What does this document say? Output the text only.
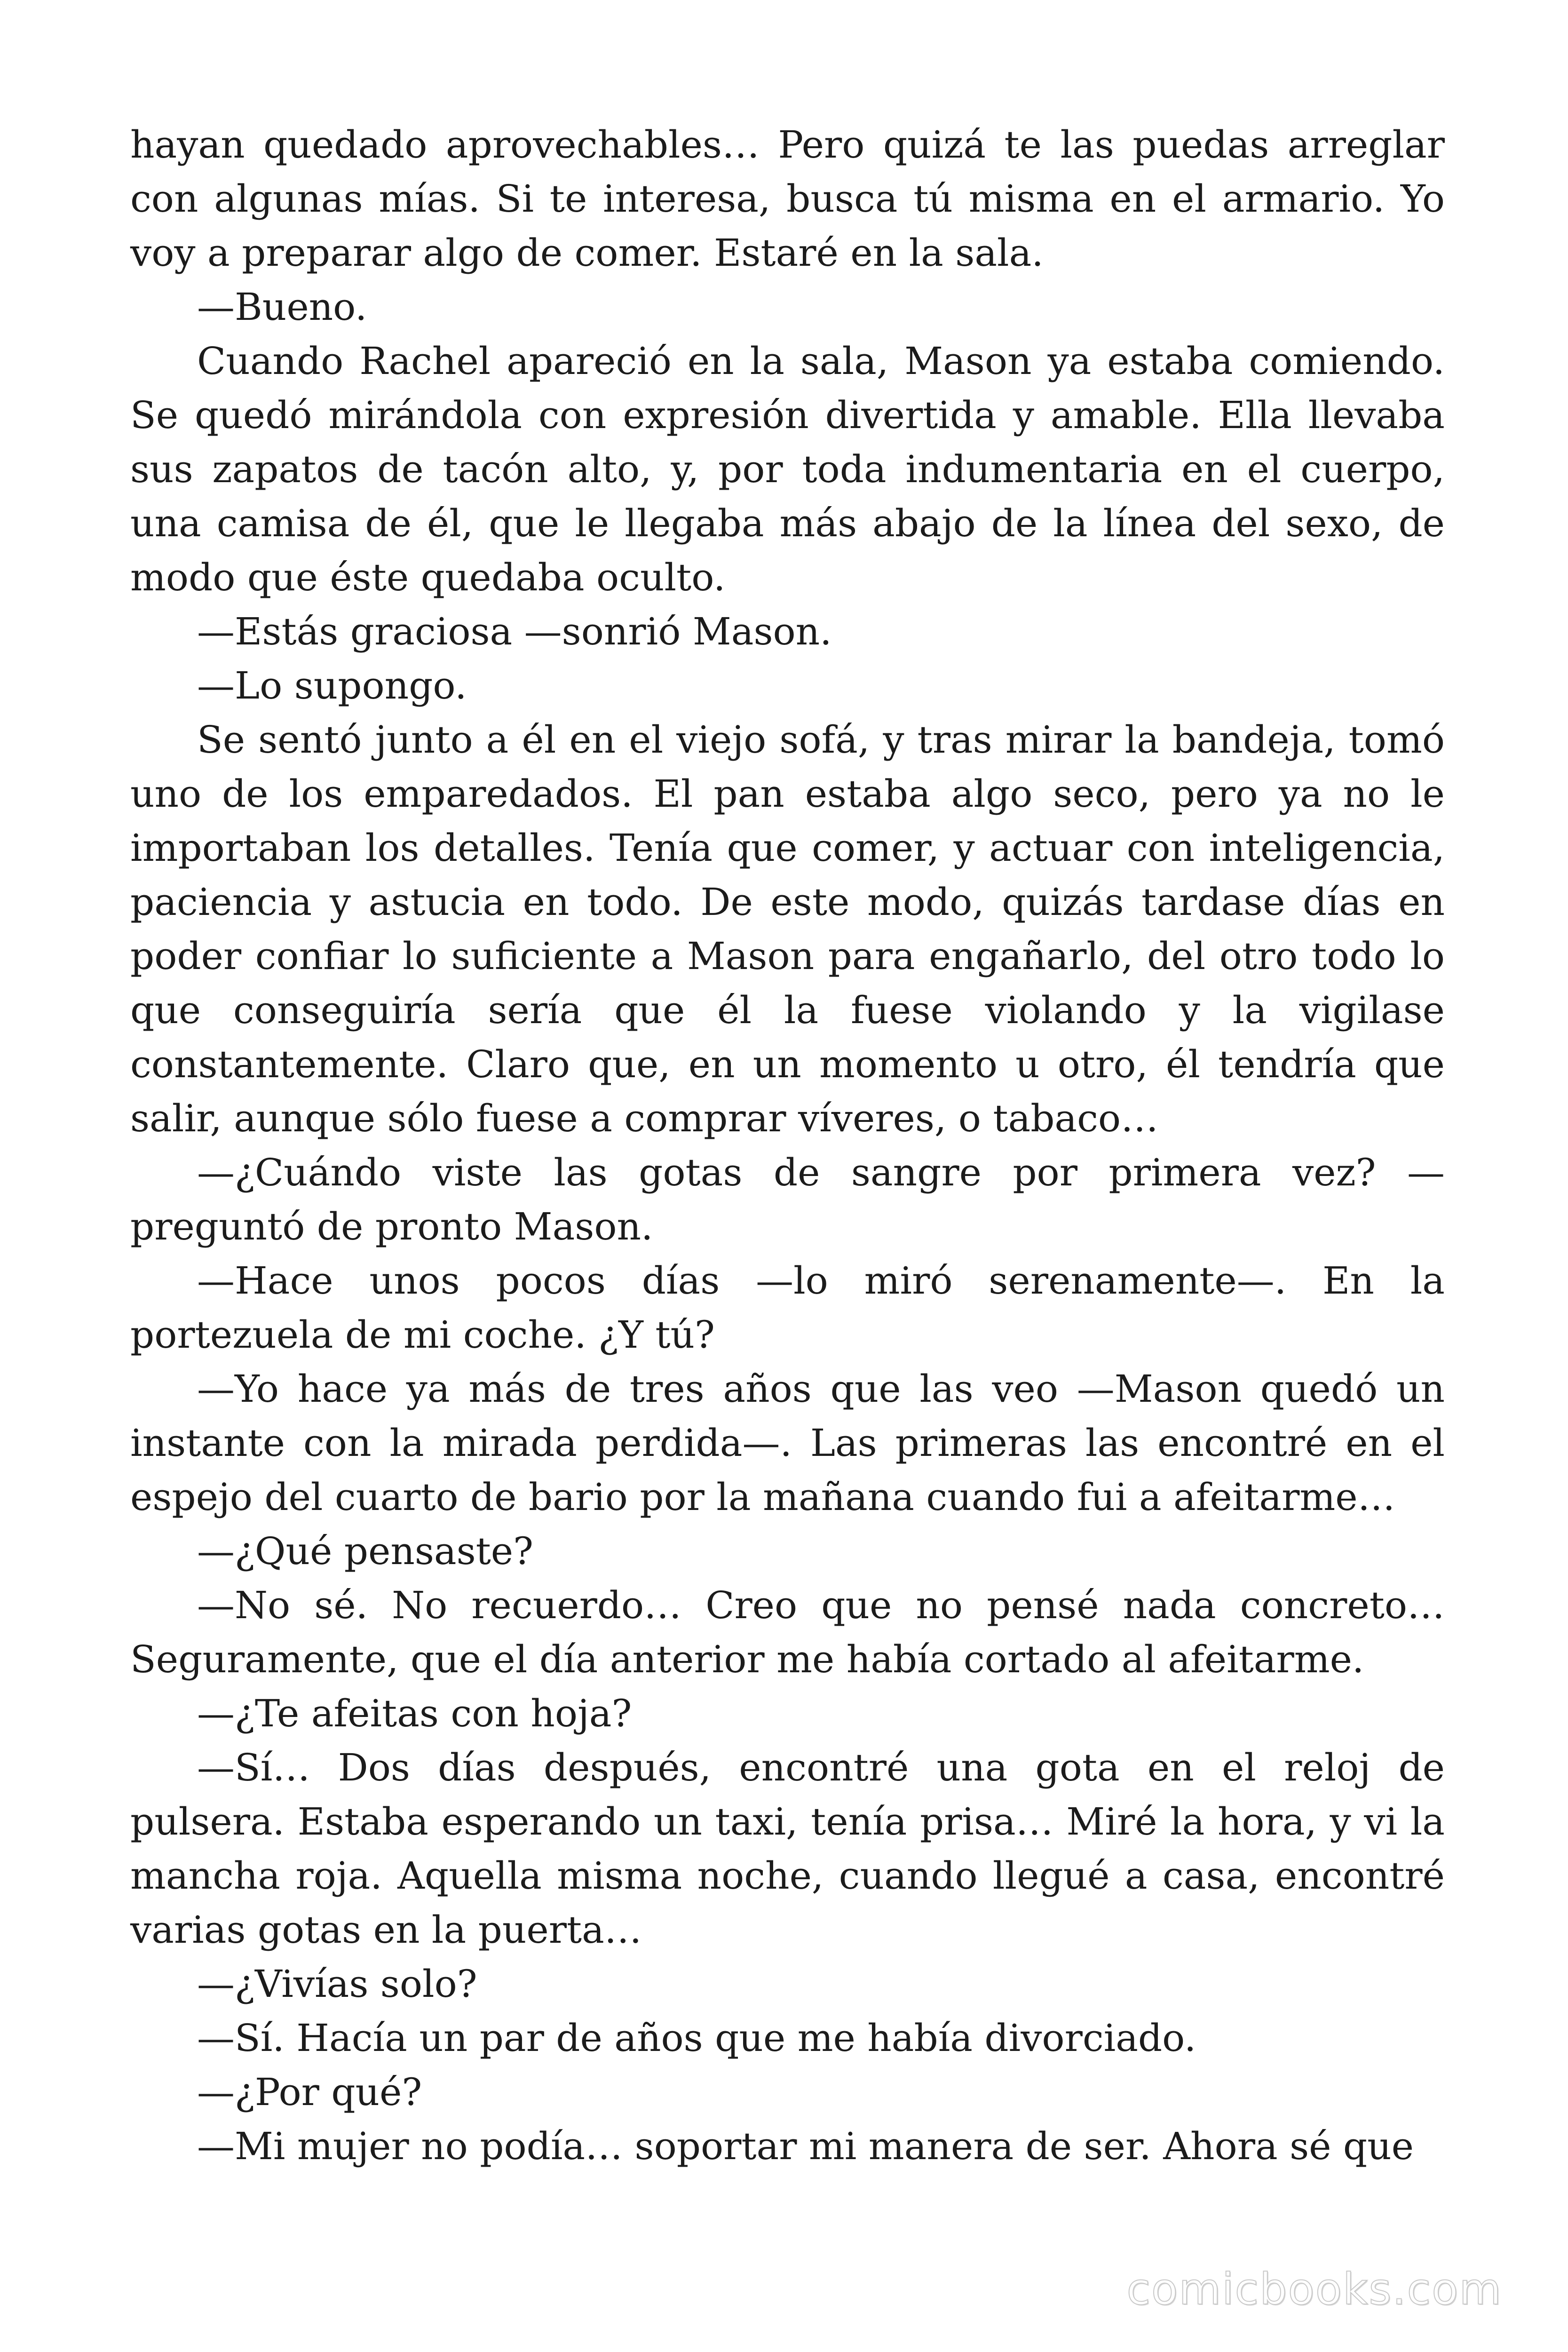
hayan quedado aprovechables… Pero quizá te las puedas arreglar con algunas mías. Si te interesa, busca tú misma en el armario. Yo voy a preparar algo de comer. Estaré en la sala.

—Bueno.

Cuando Rachel apareció en la sala, Mason ya estaba comiendo. Se quedó mirándola con expresión divertida y amable. Ella llevaba sus zapatos de tacón alto, y, por toda indumentaria en el cuerpo, una camisa de él, que le llegaba más abajo de la línea del sexo, de modo que éste quedaba oculto.

—Estás graciosa —sonrió Mason.

—Lo supongo.

Se sentó junto a él en el viejo sofá, y tras mirar la bandeja, tomó uno de los emparedados. El pan estaba algo seco, pero ya no le importaban los detalles. Tenía que comer, y actuar con inteligencia, paciencia y astucia en todo. De este modo, quizás tardase días en poder confiar lo suficiente a Mason para engañarlo, del otro todo lo que conseguiría sería que él la fuese violando y la vigilase constantemente. Claro que, en un momento u otro, él tendría que salir, aunque sólo fuese a comprar víveres, o tabaco…

—¿Cuándo viste las gotas de sangre por primera vez? —preguntó de pronto Mason.

—Hace unos pocos días —lo miró serenamente—. En la portezuela de mi coche. ¿Y tú?

—Yo hace ya más de tres años que las veo —Mason quedó un instante con la mirada perdida—. Las primeras las encontré en el espejo del cuarto de bario por la mañana cuando fui a afeitarme…

—¿Qué pensaste?

—No sé. No recuerdo… Creo que no pensé nada concreto… Seguramente, que el día anterior me había cortado al afeitarme.

—¿Te afeitas con hoja?

—Sí… Dos días después, encontré una gota en el reloj de pulsera. Estaba esperando un taxi, tenía prisa… Miré la hora, y vi la mancha roja. Aquella misma noche, cuando llegué a casa, encontré varias gotas en la puerta…

—¿Vivías solo?

—Sí. Hacía un par de años que me había divorciado.

—¿Por qué?

—Mi mujer no podía… soportar mi manera de ser. Ahora sé que

comicbooks.com
